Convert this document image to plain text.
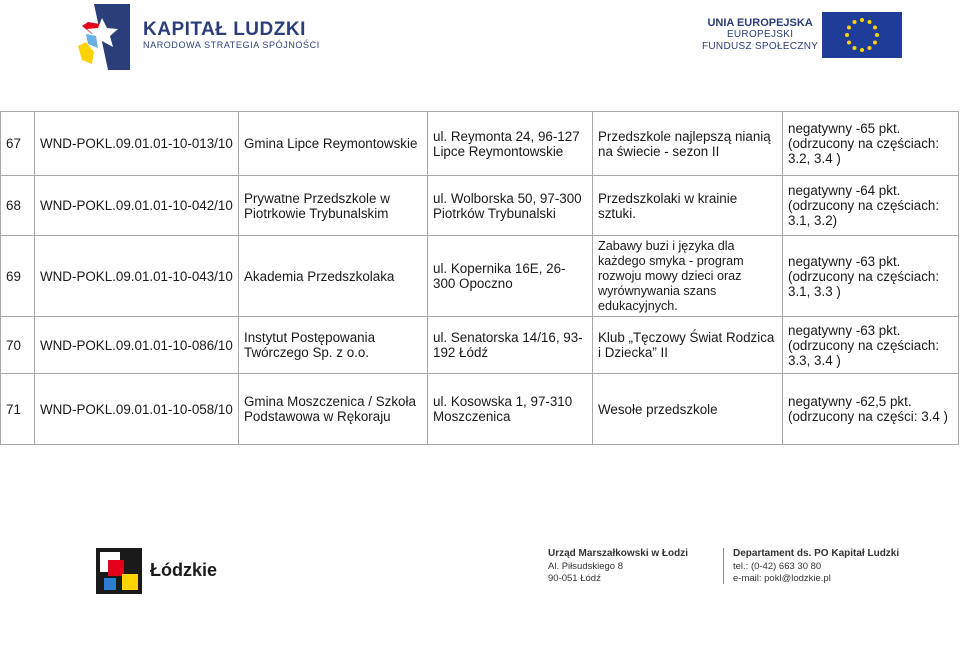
KAPITAŁ LUDZKI
NARODOWA STRATEGIA SPÓJNOŚCI
UNIA EUROPEJSKA
EUROPEJSKI
FUNDUSZ SPOŁECZNY
67	WND-POKL.09.01.01-10-013/10	Gmina Lipce Reymontowskie	ul. Reymonta 24, 96-127 Lipce Reymontowskie	Przedszkole najlepszą nianią na świecie - sezon II	negatywny -65 pkt.(odrzucony na częściach: 3.2, 3.4 )
68	WND-POKL.09.01.01-10-042/10	Prywatne Przedszkole w Piotrkowie Trybunalskim	ul. Wolborska 50, 97-300 Piotrków Trybunalski	Przedszkolaki w krainie sztuki.	negatywny -64 pkt.(odrzucony na częściach: 3.1, 3.2)
69	WND-POKL.09.01.01-10-043/10	Akademia Przedszkolaka	ul. Kopernika 16E, 26-300 Opoczno	Zabawy buzi i języka dla każdego smyka - program rozwoju mowy dzieci oraz wyrównywania szans edukacyjnych.	negatywny -63 pkt.(odrzucony na częściach: 3.1, 3.3 )
70	WND-POKL.09.01.01-10-086/10	Instytut Postępowania Twórczego Sp. z o.o.	ul. Senatorska 14/16, 93-192 Łódź	Klub „Tęczowy Świat Rodzica i Dziecka” II	negatywny -63 pkt.(odrzucony na częściach: 3.3, 3.4 )
71	WND-POKL.09.01.01-10-058/10	Gmina Moszczenica / Szkoła Podstawowa w Rękoraju	ul. Kosowska 1, 97-310 Moszczenica	Wesołe przedszkole	negatywny -62,5 pkt.(odrzucony na części: 3.4 )
Łódzkie
Urząd Marszałkowski w Łodzi
Al. Piłsudskiego 8
90-051 Łódź
Departament ds. PO Kapitał Ludzki
tel.: (0-42) 663 30 80
e-mail: pokl@lodzkie.pl
